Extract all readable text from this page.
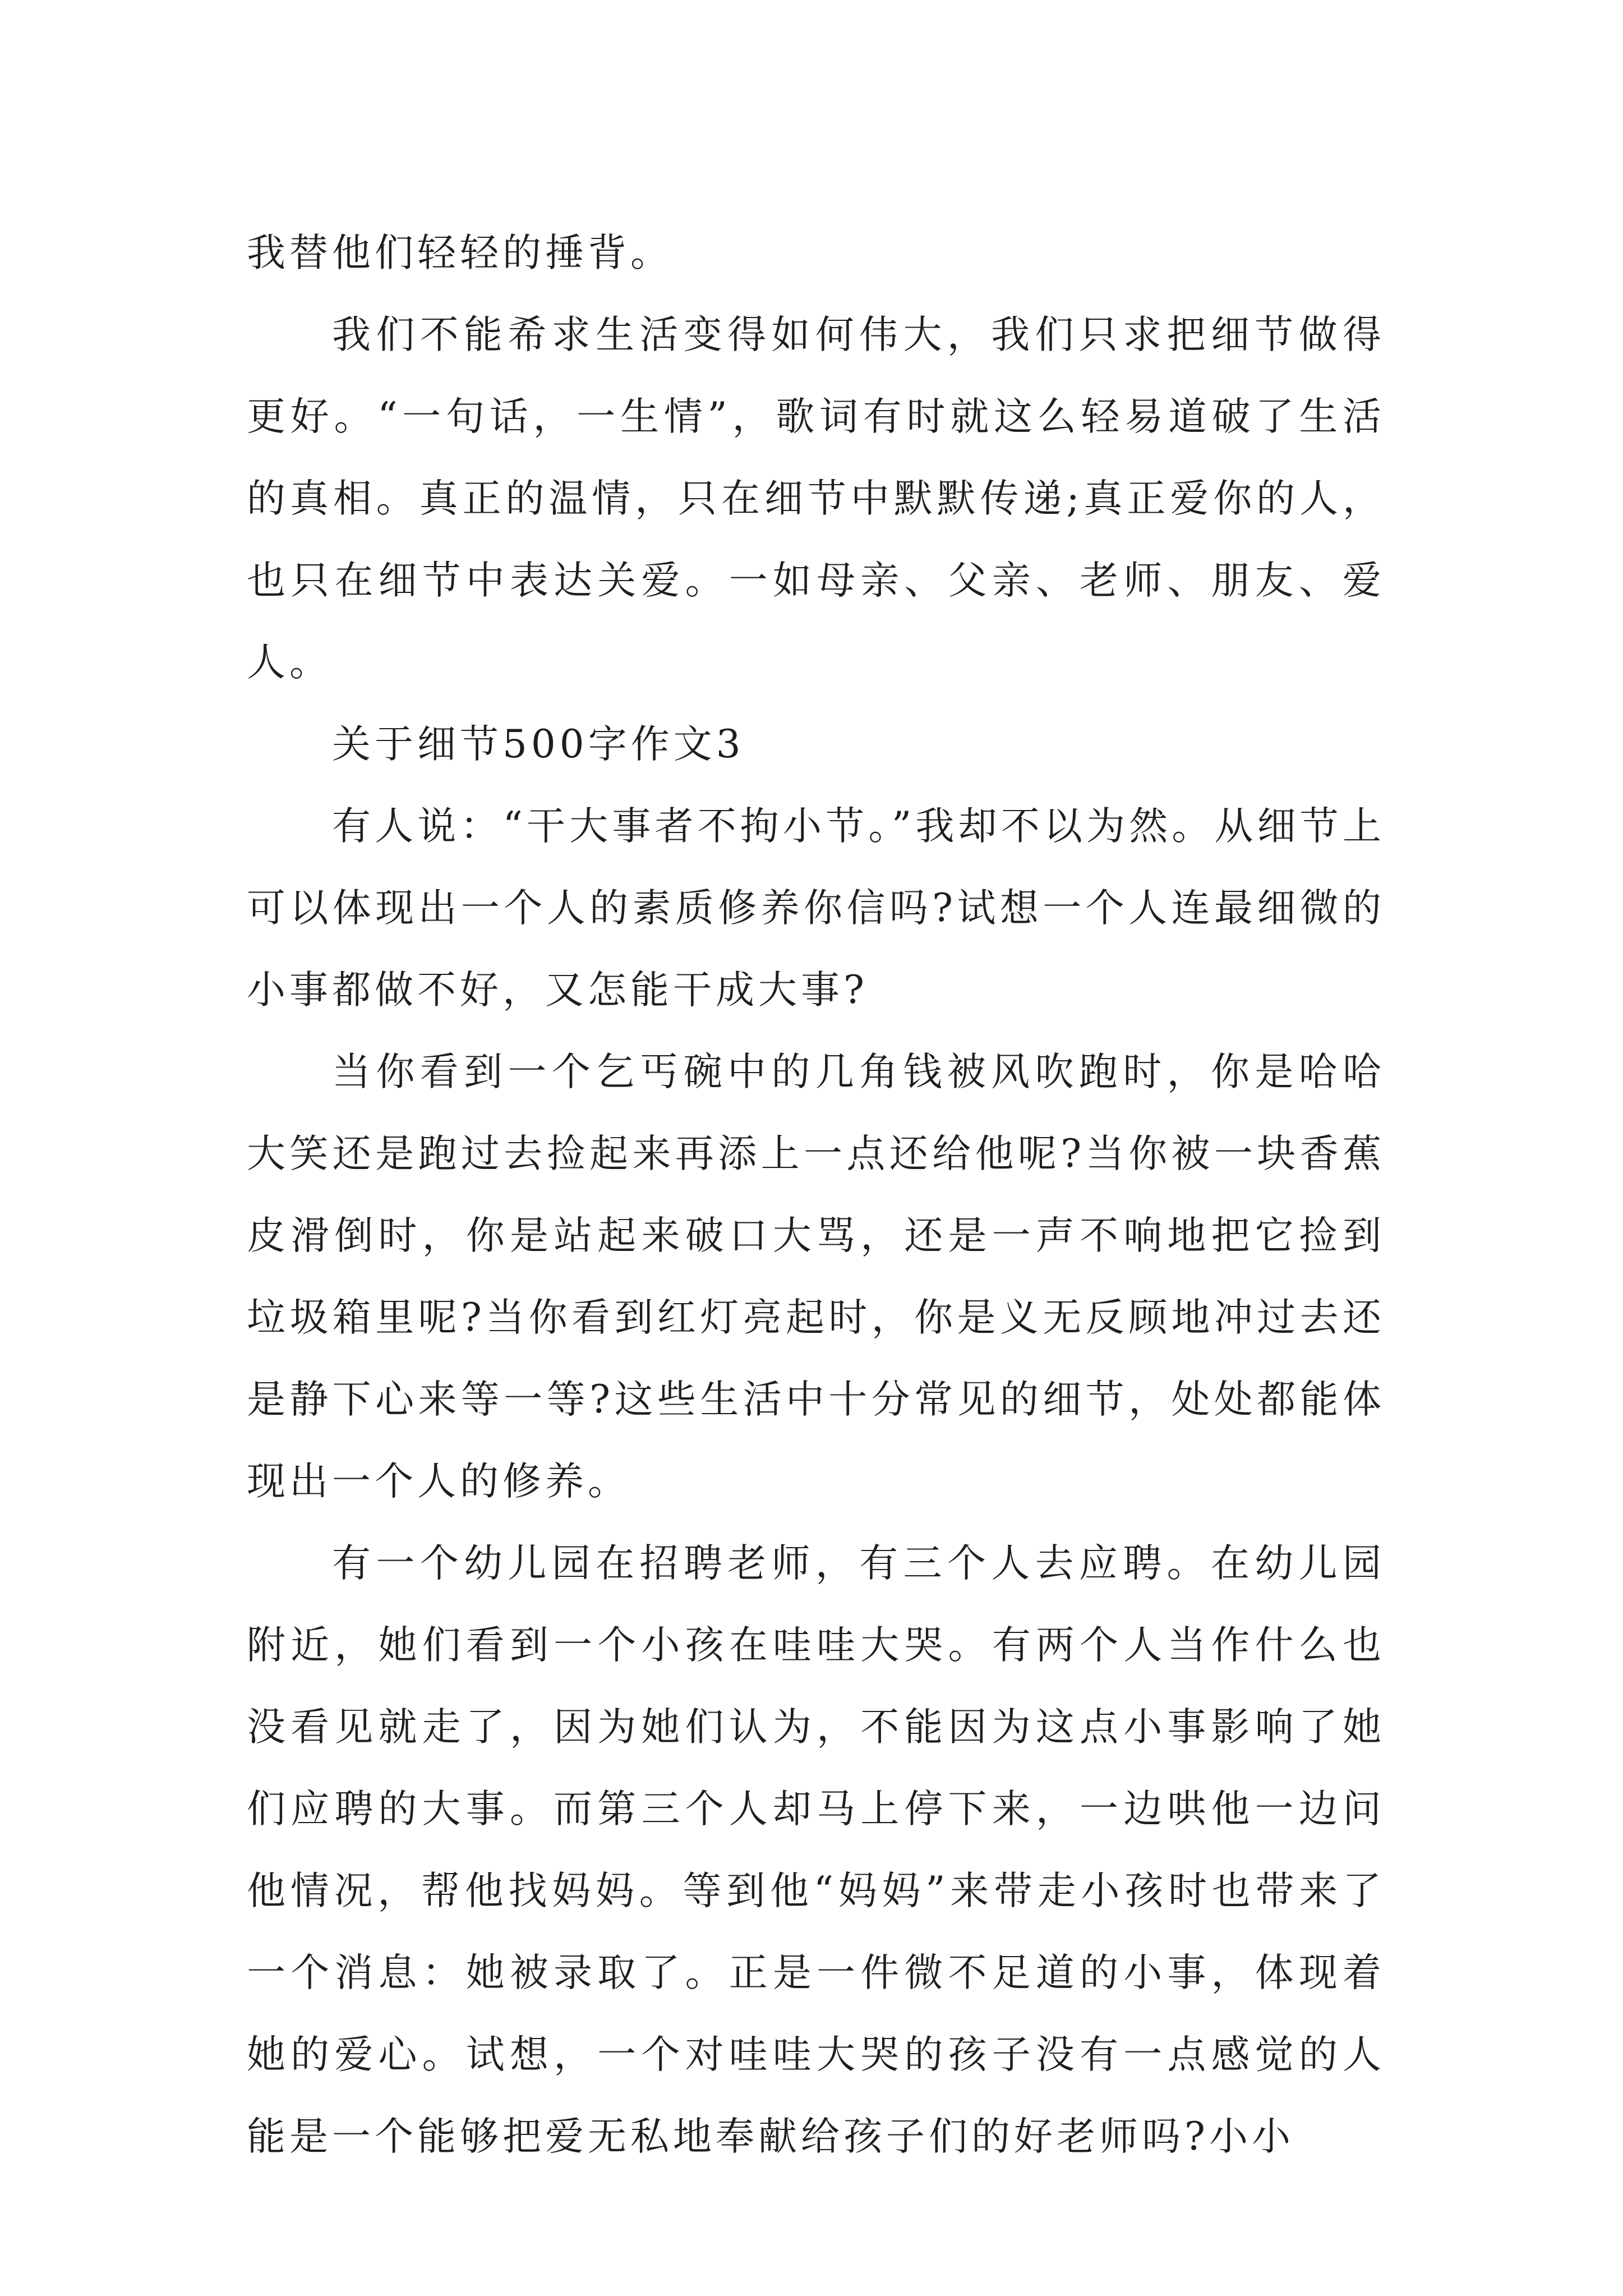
我替他们轻轻的捶背。

我们不能希求生活变得如何伟大，我们只求把细节做得更好。“一句话，一生情”，歌词有时就这么轻易道破了生活的真相。真正的温情，只在细节中默默传递;真正爱你的人，也只在细节中表达关爱。一如母亲、父亲、老师、朋友、爱人。

关于细节500字作文3

有人说：“干大事者不拘小节。”我却不以为然。从细节上可以体现出一个人的素质修养你信吗?试想一个人连最细微的小事都做不好，又怎能干成大事?

当你看到一个乞丐碗中的几角钱被风吹跑时，你是哈哈大笑还是跑过去捡起来再添上一点还给他呢?当你被一块香蕉皮滑倒时，你是站起来破口大骂，还是一声不响地把它捡到垃圾箱里呢?当你看到红灯亮起时，你是义无反顾地冲过去还是静下心来等一等?这些生活中十分常见的细节，处处都能体现出一个人的修养。

有一个幼儿园在招聘老师，有三个人去应聘。在幼儿园附近，她们看到一个小孩在哇哇大哭。有两个人当作什么也没看见就走了，因为她们认为，不能因为这点小事影响了她们应聘的大事。而第三个人却马上停下来，一边哄他一边问他情况，帮他找妈妈。等到他“妈妈”来带走小孩时也带来了一个消息：她被录取了。正是一件微不足道的小事，体现着她的爱心。试想，一个对哇哇大哭的孩子没有一点感觉的人能是一个能够把爱无私地奉献给孩子们的好老师吗?小小
